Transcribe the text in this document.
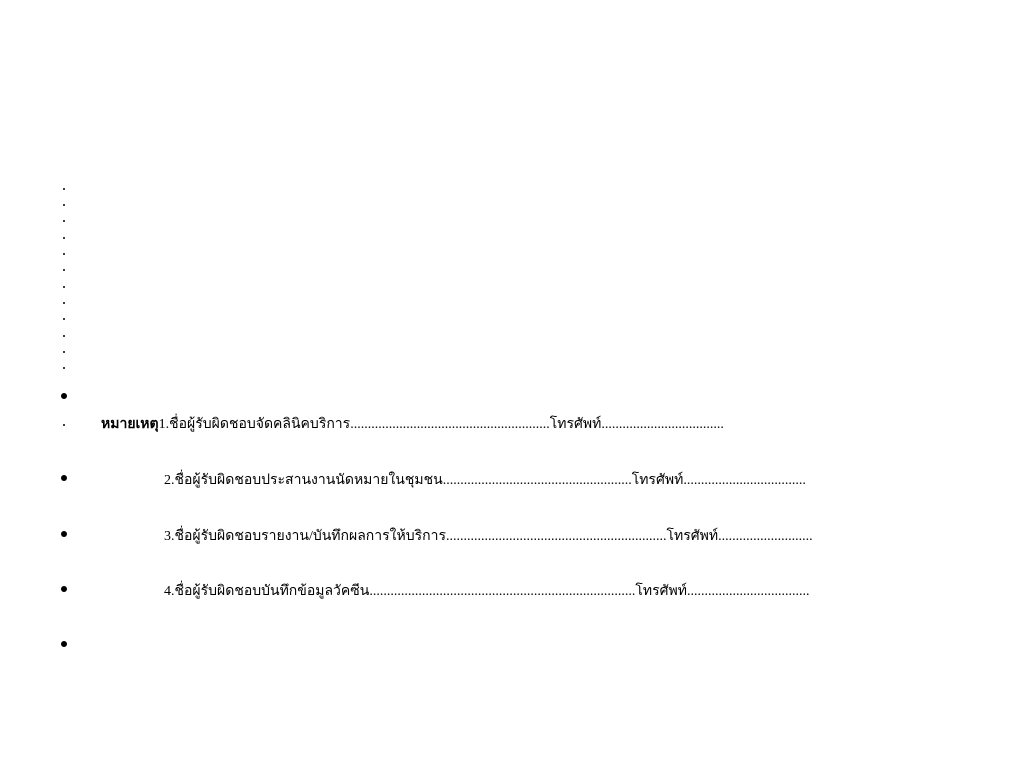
หมายเหตุ1.ชื่อผู้รับผิดชอบจัดคลินิคบริการ.........................................................โทรศัพท์...................................
2.ชื่อผู้รับผิดชอบประสานงานนัดหมายในชุมชน......................................................โทรศัพท์...................................
3.ชื่อผู้รับผิดชอบรายงาน/บันทึกผลการให้บริการ...............................................................โทรศัพท์...........................
4.ชื่อผู้รับผิดชอบบันทึกข้อมูลวัคซีน............................................................................โทรศัพท์...................................
